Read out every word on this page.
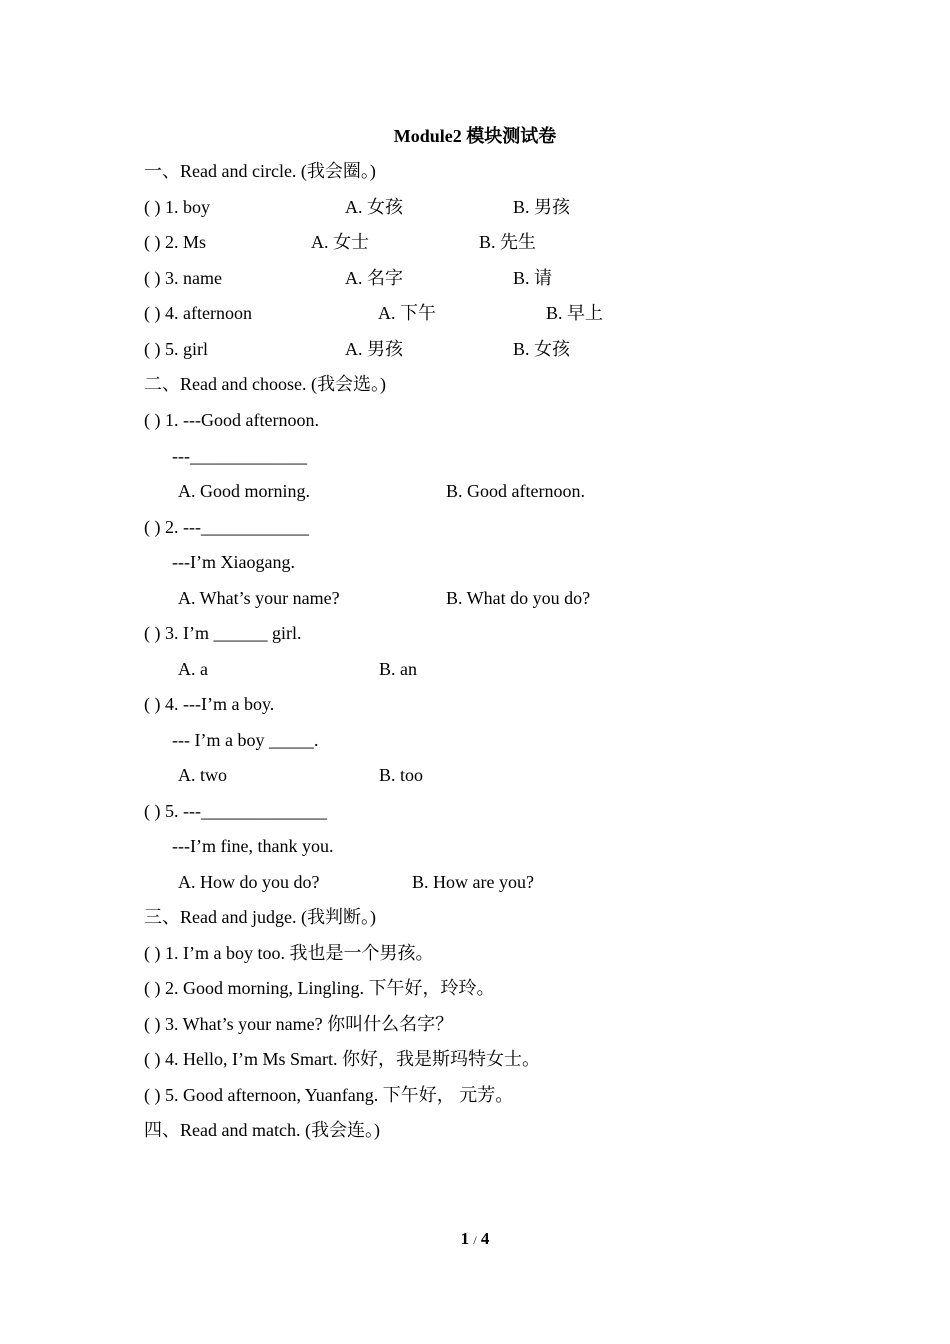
Module2 模块测试卷
一、Read and circle. (我会圈。)
( ) 1. boy	A. 女孩	B. 男孩
( ) 2. Ms	A. 女士	B. 先生
( ) 3. name	A. 名字	B. 请
( ) 4. afternoon	A. 下午	B. 早上
( ) 5. girl	A. 男孩	B. 女孩
二、Read and choose. (我会选。)
( ) 1. ---Good afternoon.
---_____________
A. Good morning.	B. Good afternoon.
( ) 2. ---____________
---I’m Xiaogang.
A. What’s your name?	B. What do you do?
( ) 3. I’m ______ girl.
A. a	B. an
( ) 4. ---I’m a boy.
--- I’m a boy _____.
A. two	B. too
( ) 5. ---______________
---I’m fine, thank you.
A. How do you do?	B. How are you?
三、Read and judge. (我判断。)
( ) 1. I’m a boy too. 我也是一个男孩。
( ) 2. Good morning, Lingling. 下午好，玲玲。
( ) 3. What’s your name? 你叫什么名字？
( ) 4. Hello, I’m Ms Smart. 你好，我是斯玛特女士。
( ) 5. Good afternoon, Yuanfang. 下午好， 元芳。
四、Read and match. (我会连。)
1 / 4
